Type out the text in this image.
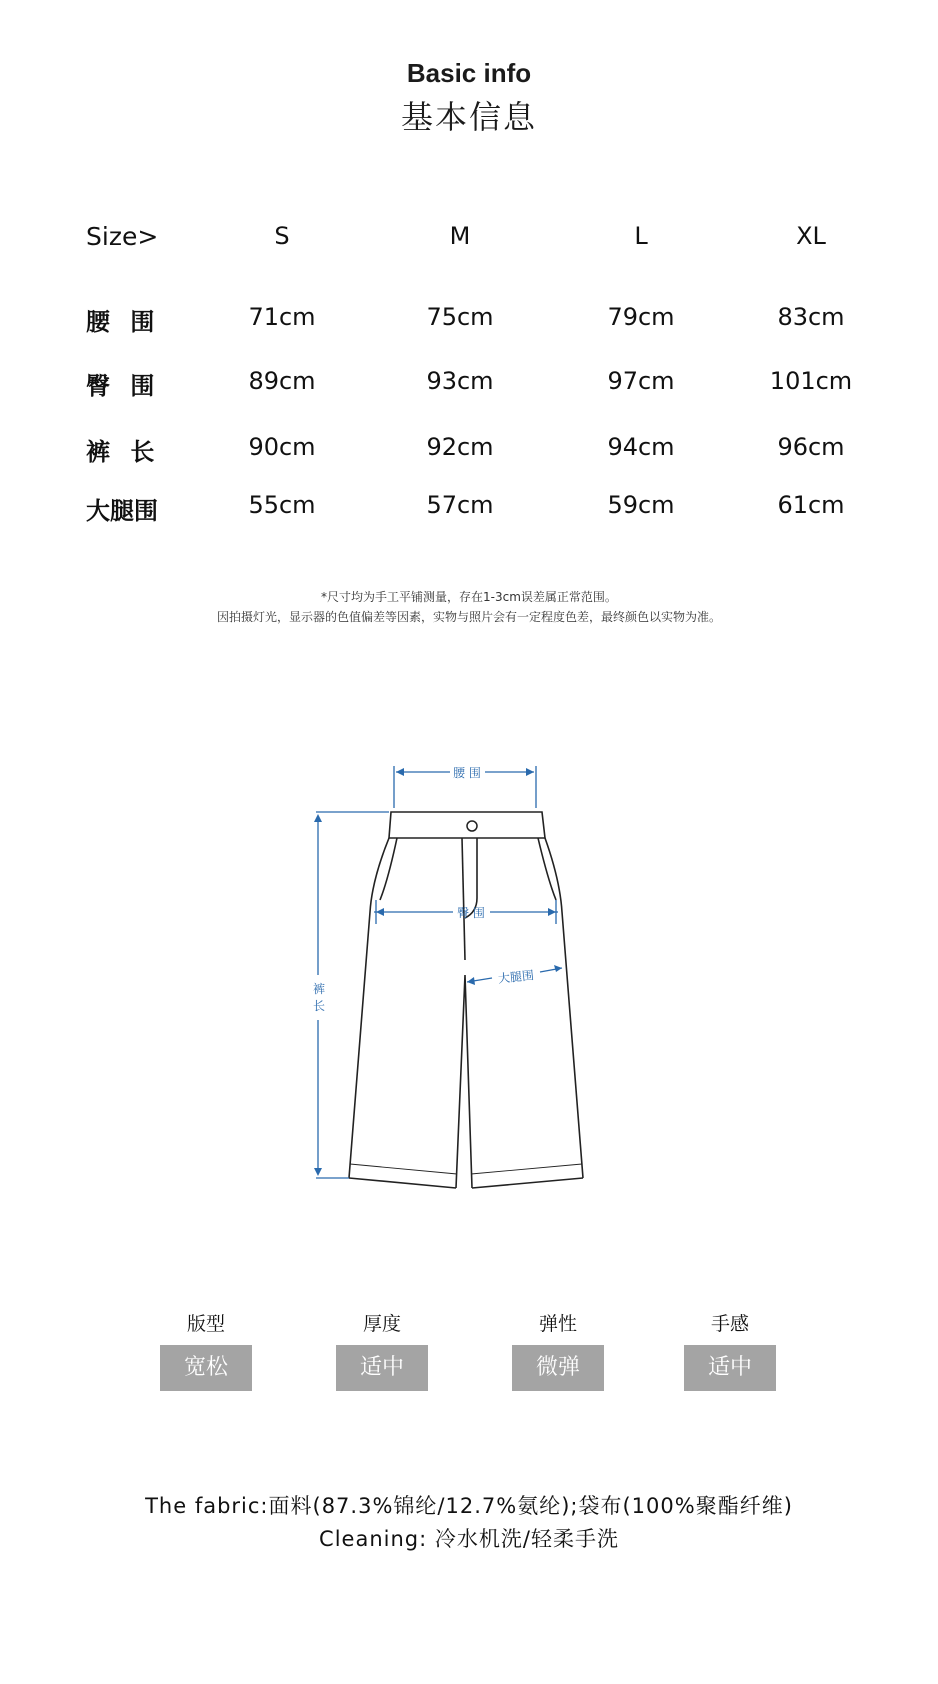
Basic info
基本信息
Size>	S	M	L	XL
腰 围	71cm	75cm	79cm	83cm
臀 围	89cm	93cm	97cm	101cm
裤 长	90cm	92cm	94cm	96cm
大腿围	55cm	57cm	59cm	61cm
*尺寸均为手工平铺测量，存在1-3cm误差属正常范围。
因拍摄灯光，显示器的色值偏差等因素，实物与照片会有一定程度色差，最终颜色以实物为准。
腰 围
臀 围
大腿围
裤
长
版型	厚度	弹性	手感
宽松	适中	微弹	适中
The fabric:面料(87.3%锦纶/12.7%氨纶);袋布(100%聚酯纤维)
Cleaning: 冷水机洗/轻柔手洗
